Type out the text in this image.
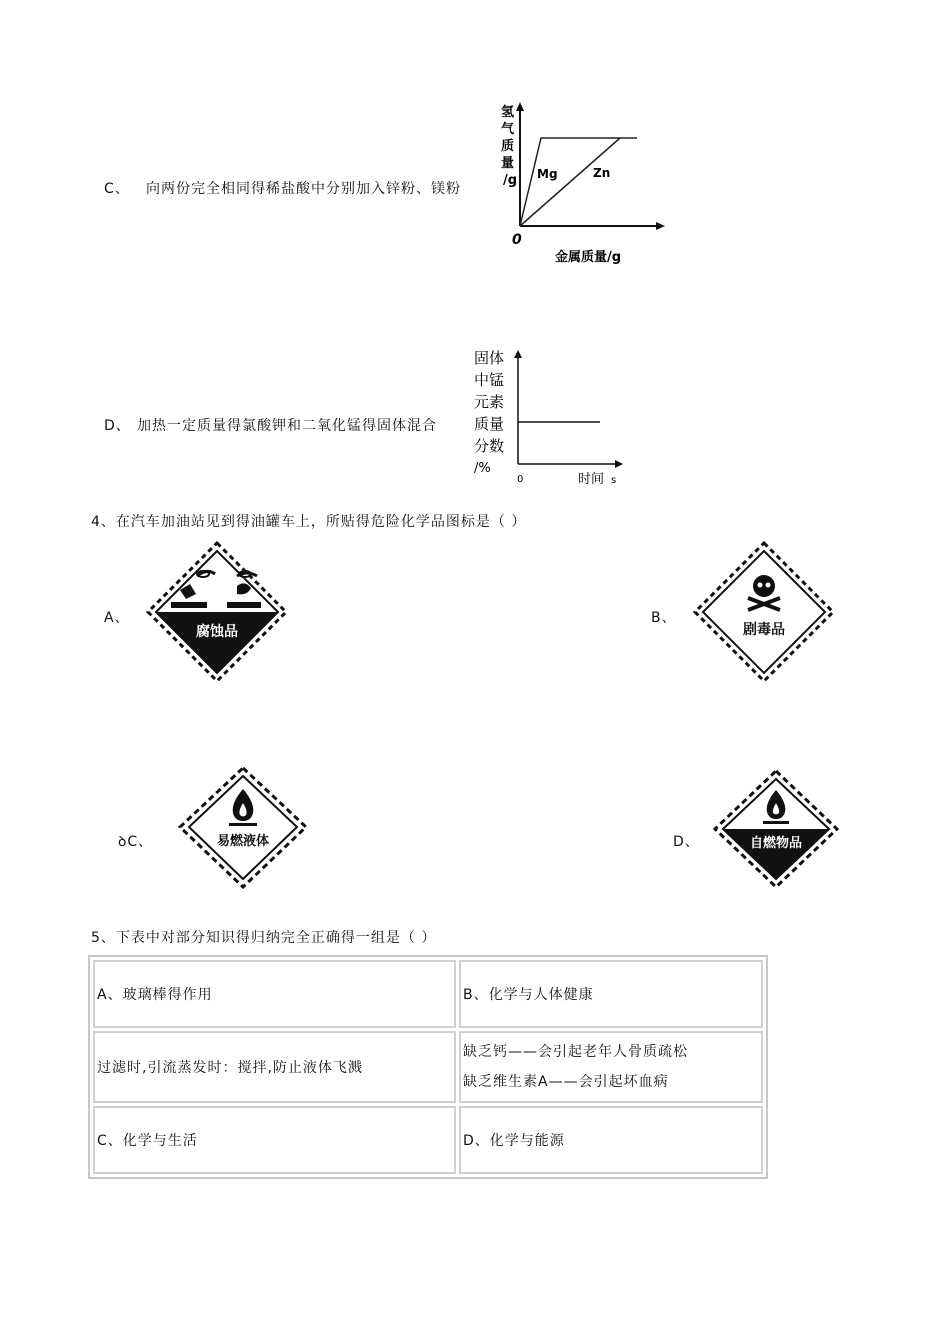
C、 向两份完全相同得稀盐酸中分别加入锌粉、镁粉
氢
气
质
量
/g Mg	Zn
0
金属质量/g
D、 加热一定质量得氯酸钾和二氧化锰得固体混合
固体
中锰
元素
质量
分数
/%
0	时间 s
4、在汽车加油站见到得油罐车上，所贴得危险化学品图标是（ ）
A、
腐蚀品
B、
剧毒品
ꝺC、	易燃液体	D、	自燃物品
5、下表中对部分知识得归纳完全正确得一组是（ ）
A、玻璃棒得作用	B、化学与人体健康
过滤时,引流蒸发时：搅拌,防止液体飞溅	缺乏钙——会引起老年人骨质疏松
缺乏维生素A——会引起坏血病

C、化学与生活	D、化学与能源
